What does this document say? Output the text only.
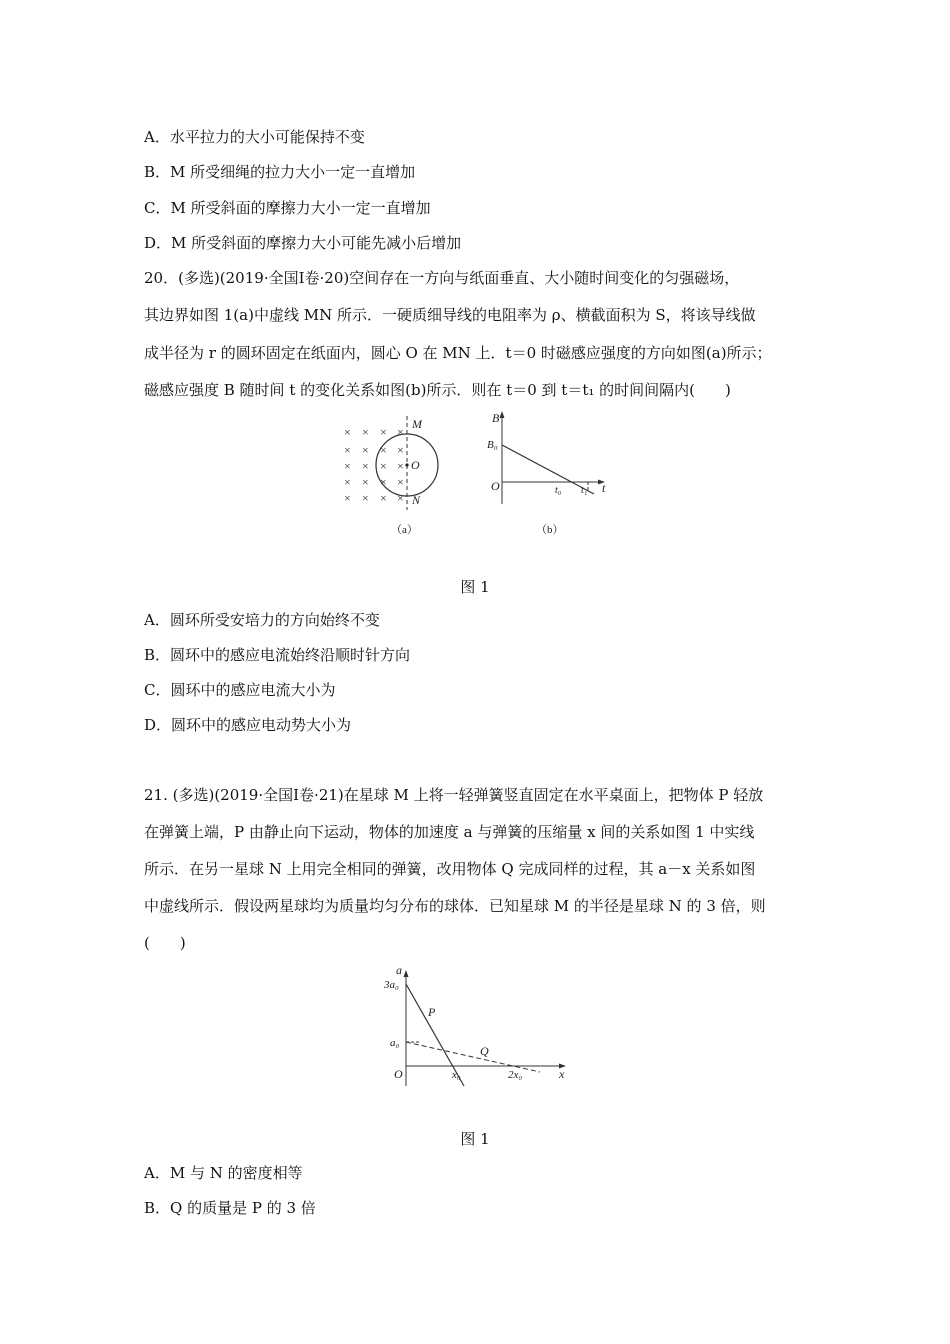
A．水平拉力的大小可能保持不变
B．M 所受细绳的拉力大小一定一直增加
C．M 所受斜面的摩擦力大小一定一直增加
D．M 所受斜面的摩擦力大小可能先减小后增加
20．(多选)(2019·全国Ⅰ卷·20)空间存在一方向与纸面垂直、大小随时间变化的匀强磁场，
其边界如图 1(a)中虚线 MN 所示．一硬质细导线的电阻率为 ρ、横截面积为 S，将该导线做
成半径为 r 的圆环固定在纸面内，圆心 O 在 MN 上．t＝0 时磁感应强度的方向如图(a)所示；
磁感应强度 B 随时间 t 的变化关系如图(b)所示．则在 t＝0 到 t＝t₁ 的时间间隔内(　　)
× × × ×
× × × ×
× × × ×
× × × ×
× × × ×
M
O
N
（a）
B
B₀
O	t₀ t₁ t
（b）
图 1
A．圆环所受安培力的方向始终不变
B．圆环中的感应电流始终沿顺时针方向
C．圆环中的感应电流大小为
D．圆环中的感应电动势大小为
21. (多选)(2019·全国Ⅰ卷·21)在星球 M 上将一轻弹簧竖直固定在水平桌面上，把物体 P 轻放
在弹簧上端，P 由静止向下运动，物体的加速度 a 与弹簧的压缩量 x 间的关系如图 1 中实线
所示．在另一星球 N 上用完全相同的弹簧，改用物体 Q 完成同样的过程，其 a－x 关系如图
中虚线所示．假设两星球均为质量均匀分布的球体．已知星球 M 的半径是星球 N 的 3 倍，则
(　　)
a
3a₀
a₀
O	x₀	2x₀	x
P
Q
图 1
A．M 与 N 的密度相等
B．Q 的质量是 P 的 3 倍
